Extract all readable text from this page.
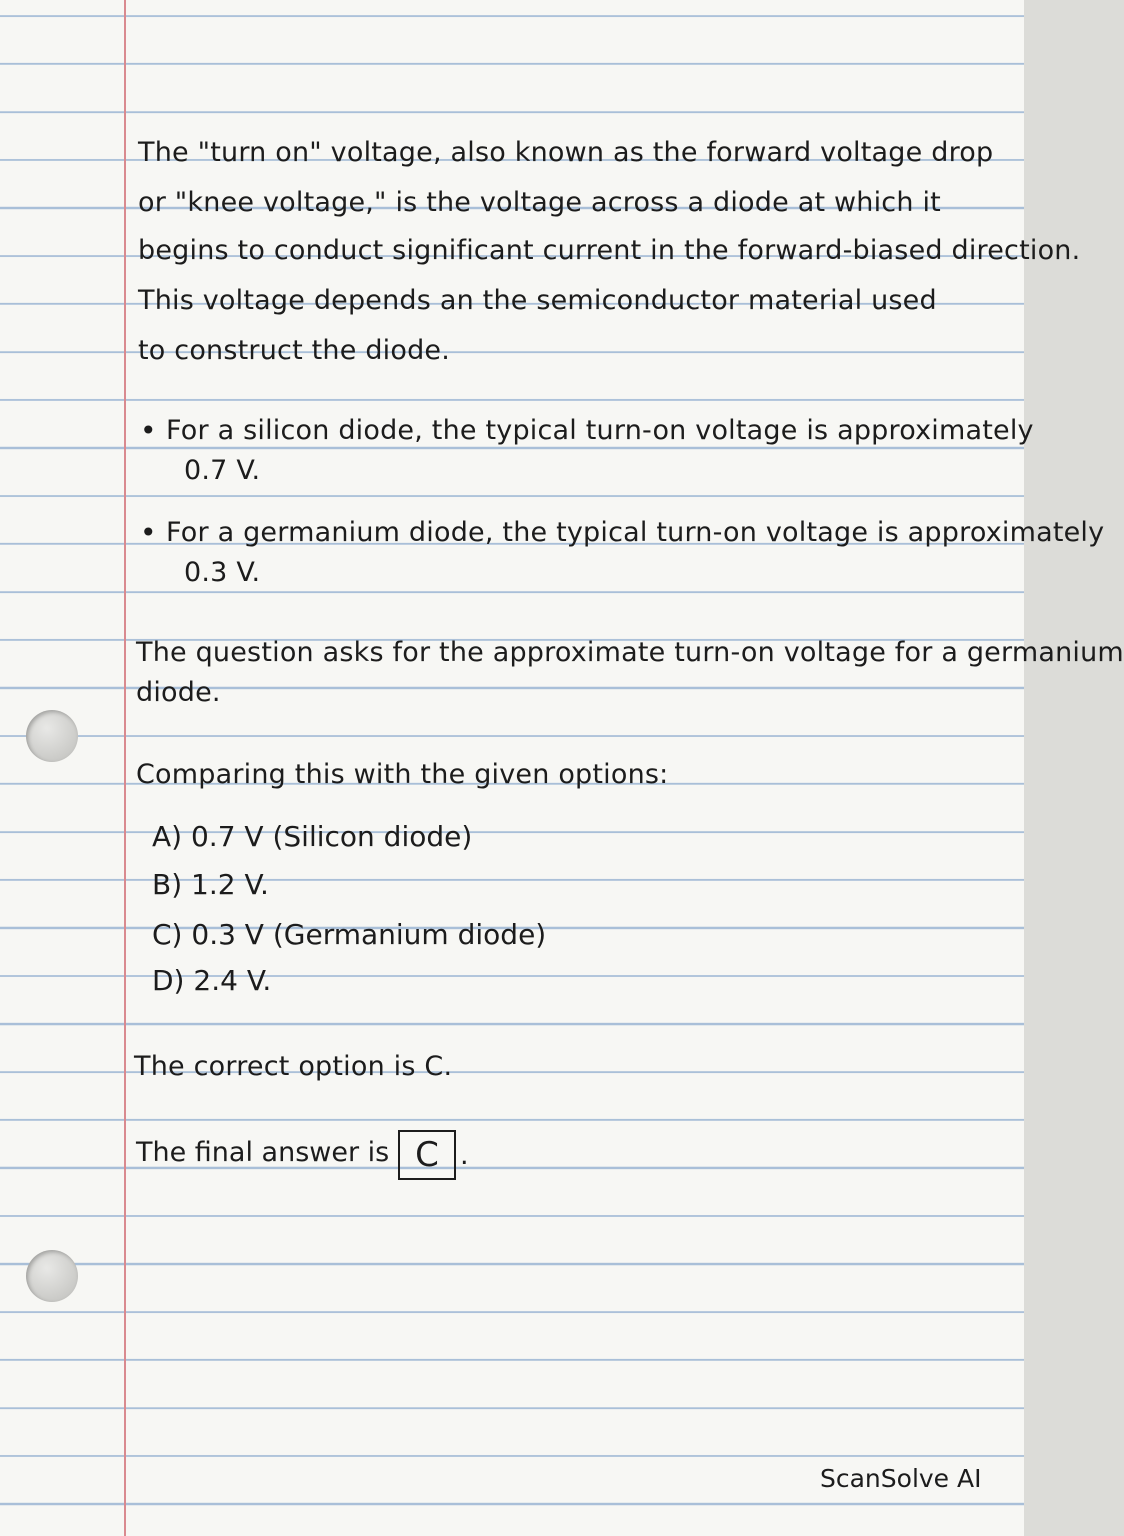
The "turn on" voltage, also known as the forward voltage drop
or "knee voltage," is the voltage across a diode at which it
begins to conduct significant current in the forward-biased direction.
This voltage depends an the semiconductor material used
to construct the diode.
• For a silicon diode, the typical turn-on voltage is approximately
0.7 V.
• For a germanium diode, the typical turn-on voltage is approximately
0.3 V.
The question asks for the approximate turn-on voltage for a germanium
diode.
Comparing this with the given options:
A) 0.7 V (Silicon diode)
B) 1.2 V.
C) 0.3 V (Germanium diode)
D) 2.4 V.
The correct option is C.
The final answer is C .
ScanSolve AI
